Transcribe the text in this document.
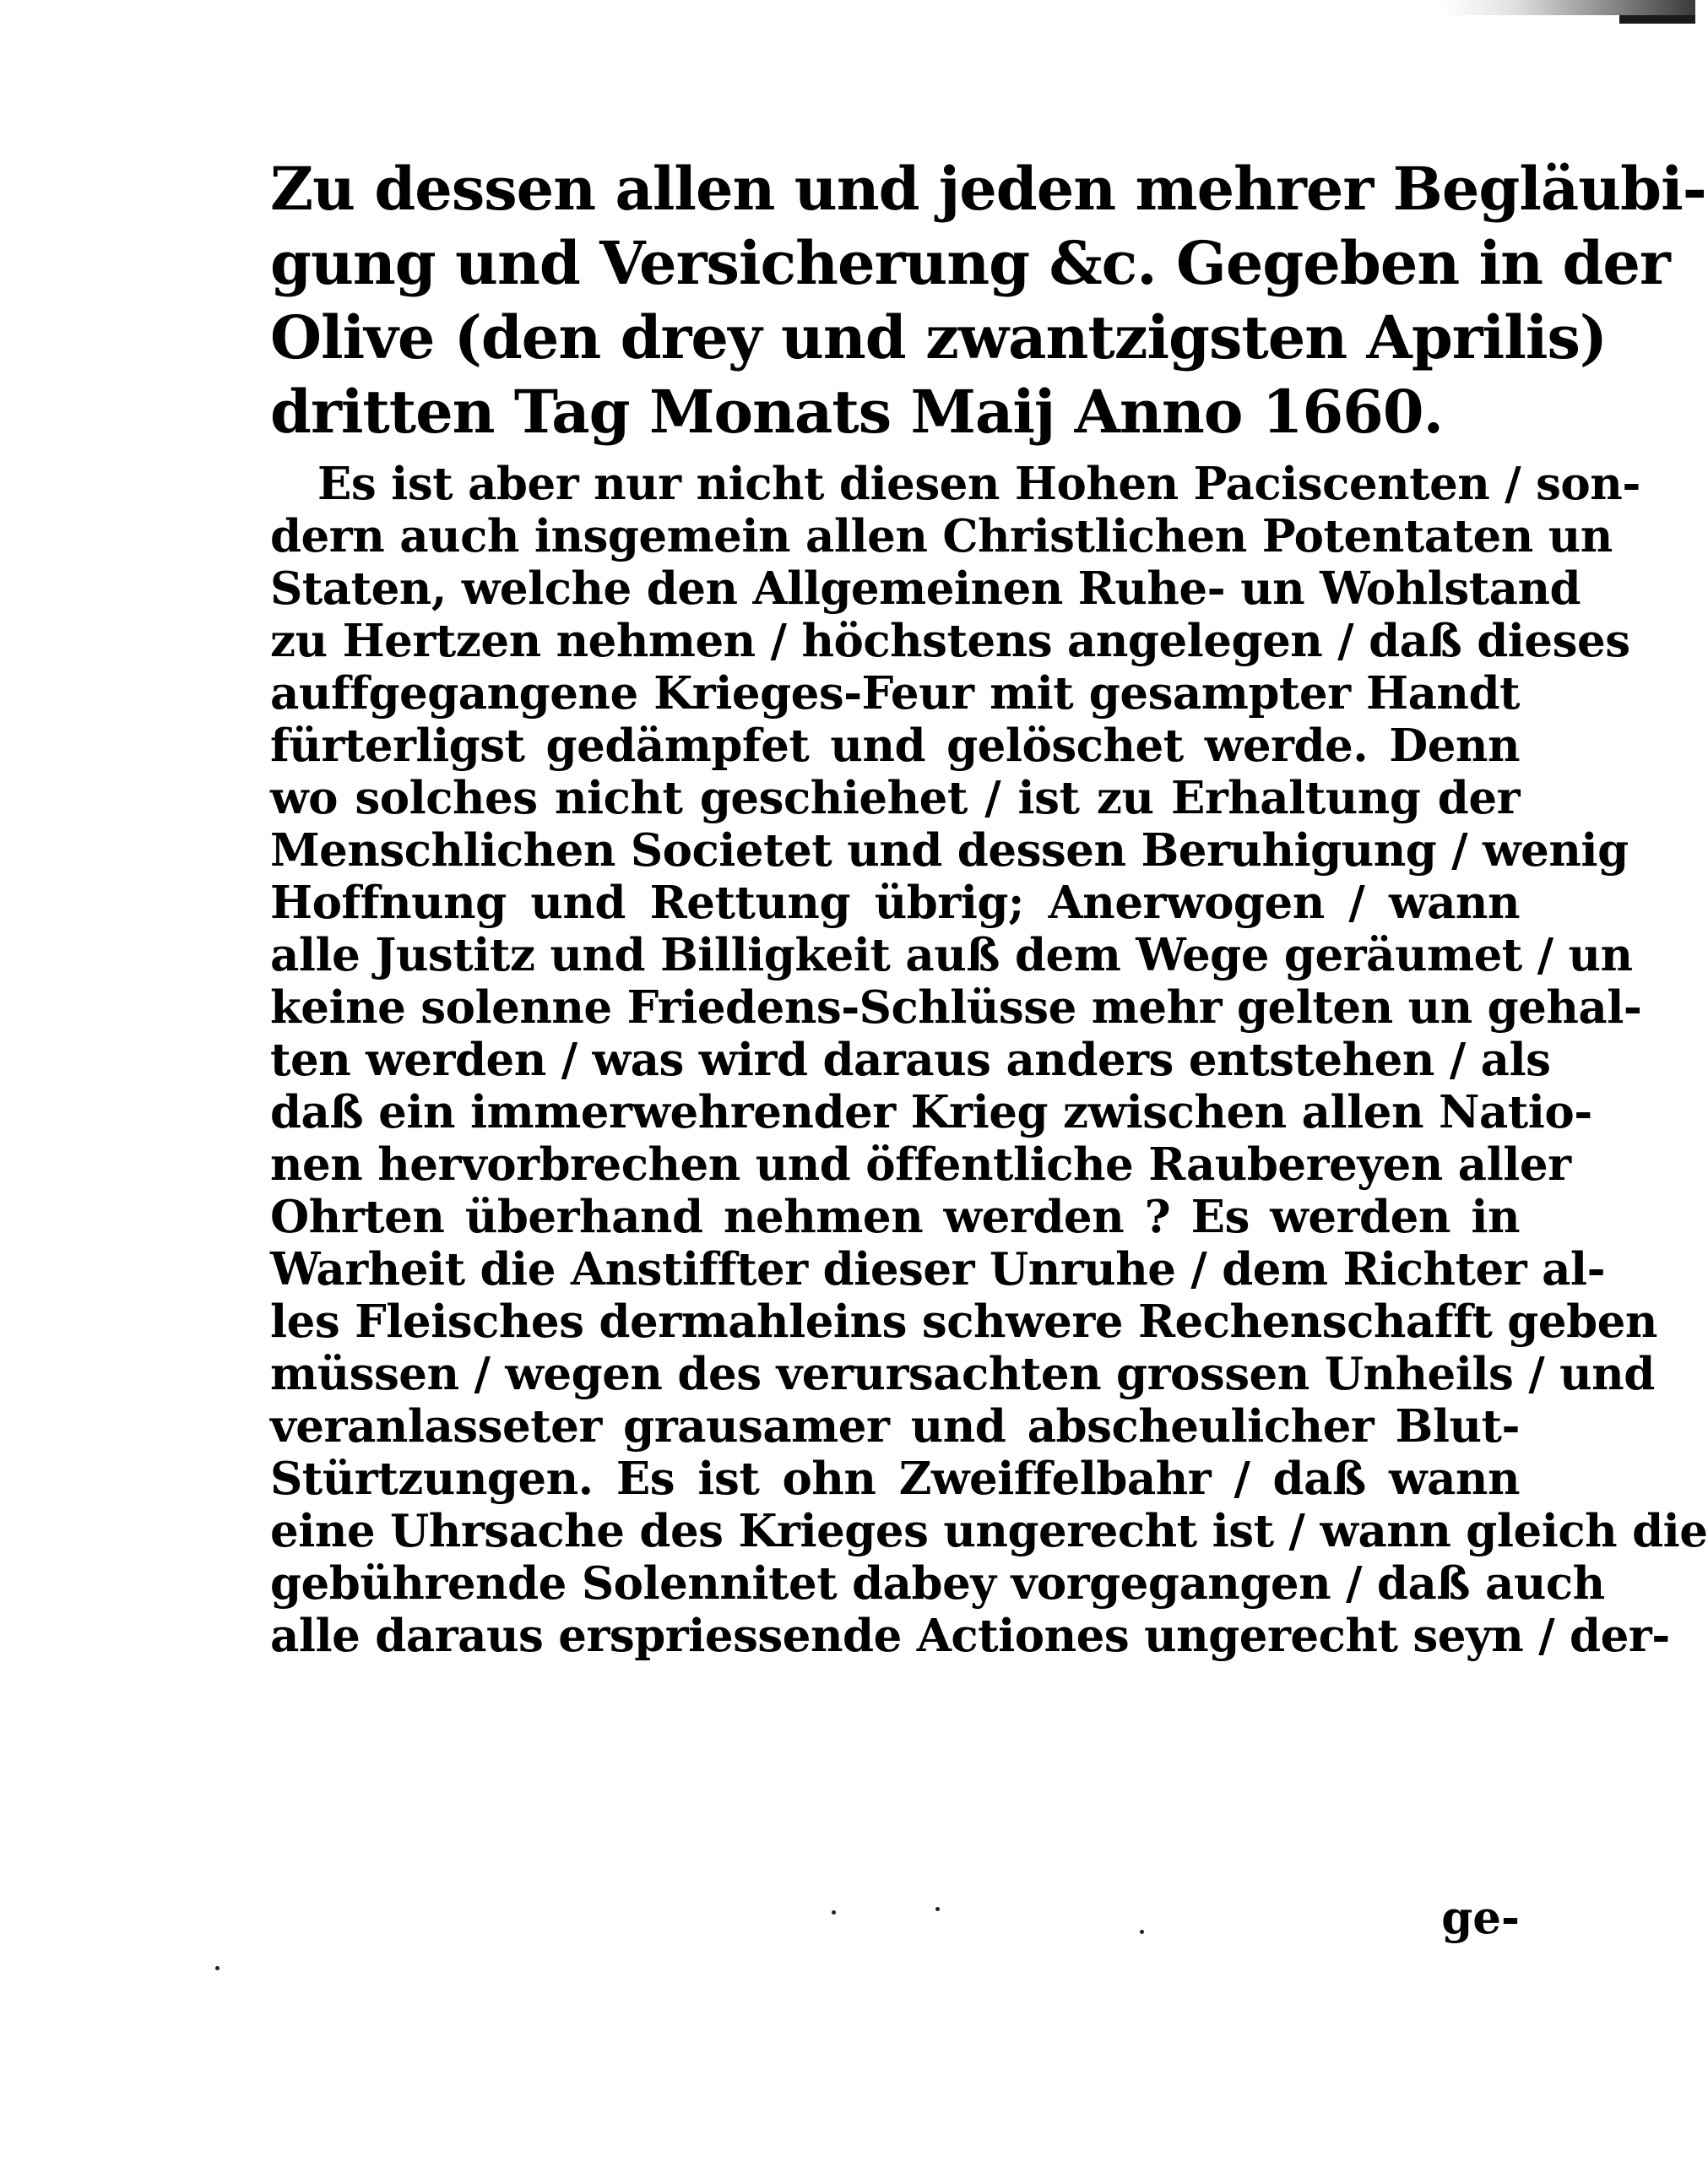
Zu dessen allen und jeden mehrer Begläubi-
gung und Versicherung &c. Gegeben in der
Olive (den drey und zwantzigsten Aprilis)
dritten Tag Monats Maij Anno 1660.
Es ist aber nur nicht diesen Hohen Paciscenten / son-
dern auch insgemein allen Christlichen Potentaten un
Staten, welche den Allgemeinen Ruhe- un Wohlstand
zu Hertzen nehmen / höchstens angelegen / daß dieses
auffgegangene Krieges-Feur mit gesampter Handt
fürterligst gedämpfet und gelöschet werde. Denn
wo solches nicht geschiehet / ist zu Erhaltung der
Menschlichen Societet und dessen Beruhigung / wenig
Hoffnung und Rettung übrig; Anerwogen / wann
alle Justitz und Billigkeit auß dem Wege geräumet / un
keine solenne Friedens-Schlüsse mehr gelten un gehal-
ten werden / was wird daraus anders entstehen / als
daß ein immerwehrender Krieg zwischen allen Natio-
nen hervorbrechen und öffentliche Raubereyen aller
Ohrten überhand nehmen werden ? Es werden in
Warheit die Anstiffter dieser Unruhe / dem Richter al-
les Fleisches dermahleins schwere Rechenschafft geben
müssen / wegen des verursachten grossen Unheils / und
veranlasseter grausamer und abscheulicher Blut-
Stürtzungen. Es ist ohn Zweiffelbahr / daß wann
eine Uhrsache des Krieges ungerecht ist / wann gleich die
gebührende Solennitet dabey vorgegangen / daß auch
alle daraus erspriessende Actiones ungerecht seyn / der-
ge-
